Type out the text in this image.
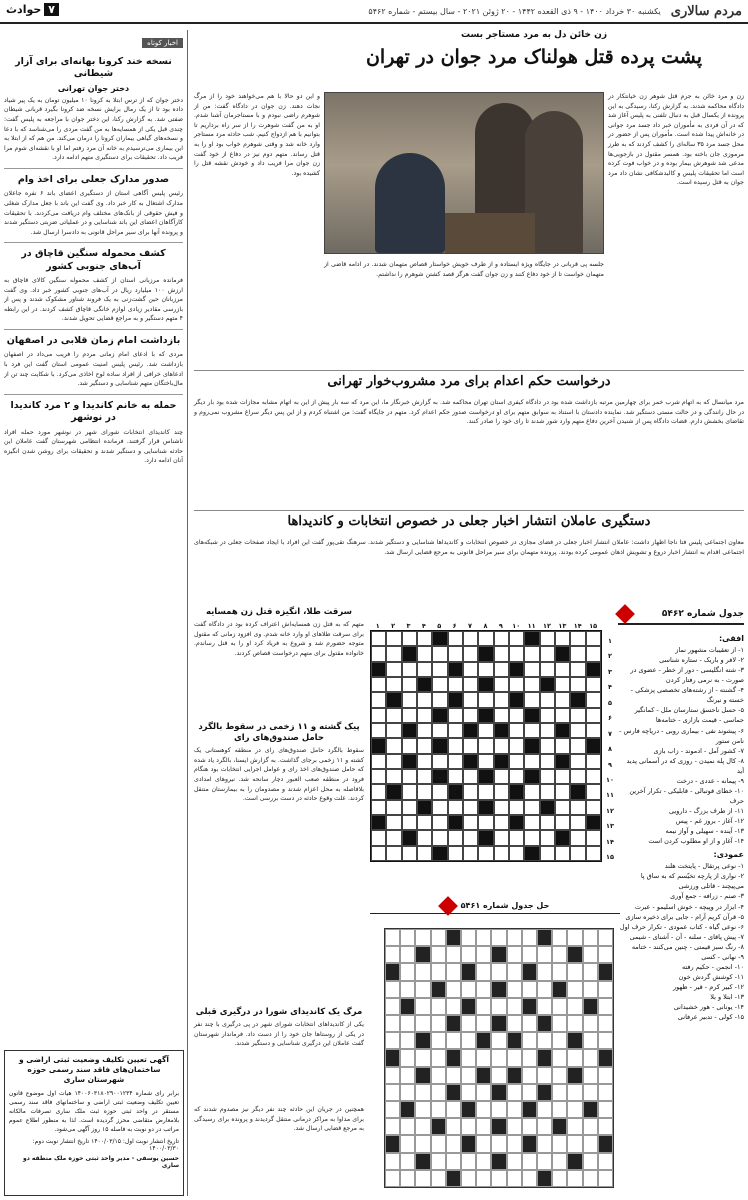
مردم سالاری
یکشنبه ۳۰ خرداد ۱۴۰۰ - ۹ ذی القعده ۱۴۴۲ - ۲۰ ژوئن ۲۰۲۱ - سال بیستم - شماره ۵۴۶۲
۷
حوادث
اخبار کوتاه
نسخه خند کرونا بهانه‌ای برای آزار شیطانی
دختر جوان تهرانی

دختر جوان که از ترس ابتلا به کرونا ۱۰ میلیون تومان به یک پیر شیاد داده بود تا از یک رمال برایش نسخه ضد کرونا بگیرد قربانی شیطان صفتی شد. به گزارش رکنا، این دختر جوان با مراجعه به پلیس گفت: چندی قبل یکی از همسایه‌ها به من گفت مردی را می‌شناسد که با دعا و نسخه‌های گیاهی بیماران کرونا را درمان می‌کند. من هم که از ابتلا به این بیماری می‌ترسیدم به خانه آن مرد رفتم اما او با نقشه‌ای شوم مرا فریب داد. تحقیقات برای دستگیری متهم ادامه دارد.

صدور مدارک جعلی برای اخذ وام

رئیس پلیس آگاهی استان از دستگیری اعضای باند ۶ نفره جاعلان مدارک اشتغال به کار خبر داد. وی گفت این باند با جعل مدارک شغلی و فیش حقوقی از بانک‌های مختلف وام دریافت می‌کردند. با تحقیقات کارآگاهان اعضای این باند شناسایی و در عملیاتی ضربتی دستگیر شدند و پرونده آنها برای سیر مراحل قانونی به دادسرا ارسال شد.

کشف محموله سنگین قاچاق در آب‌های جنوبی کشور

فرمانده مرزبانی استان از کشف محموله سنگین کالای قاچاق به ارزش ۱۰۰ میلیارد ریال در آب‌های جنوبی کشور خبر داد. وی گفت مرزبانان حین گشت‌زنی به یک فروند شناور مشکوک شدند و پس از بازرسی مقادیر زیادی لوازم خانگی قاچاق کشف کردند. در این رابطه ۴ متهم دستگیر و به مراجع قضایی تحویل شدند.

بازداشت امام زمان قلابی در اصفهان

مردی که با ادعای امام زمانی مردم را فریب می‌داد در اصفهان بازداشت شد. رئیس پلیس امنیت عمومی استان گفت این فرد با ادعاهای خرافی از افراد ساده لوح اخاذی می‌کرد. با شکایت چند تن از مال‌باختگان متهم شناسایی و دستگیر شد.

حمله به خانم کاندیدا و ۲ مرد کاندیدا در نوشهر

چند کاندیدای انتخابات شورای شهر در نوشهر مورد حمله افراد ناشناس قرار گرفتند. فرمانده انتظامی شهرستان گفت عاملان این حادثه شناسایی و دستگیر شدند و تحقیقات برای روشن شدن انگیزه آنان ادامه دارد.

آگهی تعیین تکلیف وضعیت ثبتی اراضی و ساختمان‌های فاقد سند رسمی حوزه شهرستان ساری

برابر رای شماره ۱۴۰۰۶۰۳۱۸۰۲۹۰۰۱۲۳۴ هیات اول موضوع قانون تعیین تکلیف وضعیت ثبتی اراضی و ساختمانهای فاقد سند رسمی مستقر در واحد ثبتی حوزه ثبت ملک ساری تصرفات مالکانه بلامعارض متقاضی محرز گردیده است. لذا به منظور اطلاع عموم مراتب در دو نوبت به فاصله ۱۵ روز آگهی می‌شود.

تاریخ انتشار نوبت اول: ۱۴۰۰/۰۳/۱۵ تاریخ انتشار نوبت دوم: ۱۴۰۰/۰۳/۳۰
حسین یوسفی - مدیر واحد ثبتی حوزه ملک منطقه دو ساری
زن خائن دل به مرد مستاجر بست
پشت پرده قتل هولناک مرد جوان در تهران

زن و مرد خائن به جرم قتل شوهر زن خیانتکار در دادگاه محاکمه شدند. به گزارش رکنا، رسیدگی به این پرونده از یکسال قبل به دنبال تلفنی به پلیس آغاز شد که در آن فردی به مأموران خبر داد جسد مرد جوانی در خانه‌اش پیدا شده است. مأموران پس از حضور در محل جسد مرد ۳۵ ساله‌ای را کشف کردند که به طرز مرموزی جان باخته بود. همسر مقتول در بازجویی‌ها مدعی شد شوهرش بیمار بوده و در خواب فوت کرده است اما تحقیقات پلیس و کالبدشکافی نشان داد مرد جوان به قتل رسیده است.

و این دو حالا با هم می‌خواهند خود را از مرگ نجات دهند. زن جوان در دادگاه گفت: من از شوهرم راضی نبودم و با مستاجرمان آشنا شدم. او به من گفت شوهرت را از سر راه برداریم تا بتوانیم با هم ازدواج کنیم. شب حادثه مرد مستاجر وارد خانه شد و وقتی شوهرم خواب بود او را به قتل رساند. متهم دوم نیز در دفاع از خود گفت زن جوان مرا فریب داد و خودش نقشه قتل را کشیده بود.

جلسه پی قربانی در جایگاه ویژه ایستاده و از طرف خویش خواستار قصاص متهمان شدند. در ادامه قاضی از متهمان خواست تا از خود دفاع کنند و زن جوان گفت هرگز قصد کشتن شوهرم را نداشتم.

درخواست حکم اعدام برای مرد مشروب‌خوار تهرانی

مرد میانسال که به اتهام شرب خمر برای چهارمین مرتبه بازداشت شده بود در دادگاه کیفری استان تهران محاکمه شد. به گزارش خبرنگار ما، این مرد که سه بار پیش از این به اتهام مشابه مجازات شده بود بار دیگر در حال رانندگی و در حالت مستی دستگیر شد. نماینده دادستان با استناد به سوابق متهم برای او درخواست صدور حکم اعدام کرد. متهم در جایگاه گفت: من اشتباه کردم و از این پس دیگر سراغ مشروب نمی‌روم و تقاضای بخشش دارم. قضات دادگاه پس از شنیدن آخرین دفاع متهم وارد شور شدند تا رای خود را صادر کنند.

دستگیری عاملان انتشار اخبار جعلی در خصوص انتخابات و کاندیداها

معاون اجتماعی پلیس فتا ناجا اظهار داشت: عاملان انتشار اخبار جعلی در فضای مجازی در خصوص انتخابات و کاندیداها شناسایی و دستگیر شدند. سرهنگ تقی‌پور گفت این افراد با ایجاد صفحات جعلی در شبکه‌های اجتماعی اقدام به انتشار اخبار دروغ و تشویش اذهان عمومی کرده بودند. پرونده متهمان برای سیر مراحل قانونی به مرجع قضایی ارسال شد.

جدول شماره ۵۴۶۲
افقی:
۱- از تعقیبات مشهور نماز
۲- لافر و باریک - ستاره شناسی
۳- شته انگلیسی - دور از خطر - عضوی در صورت - به نرمی رفتار کردن
۴- گشنته - از رشته‌های تخصصی پزشکی - خسته و نیرنگ
۵- حسل ناحسق ستارسان ملل - کمانگیر حماسی - قیمت بازاری - ختامه‌ها
۶- پیشوند نفی - بیماری روبی - دریاچه فارس - نامن ستور
۷- کشور آمل - ادموند - زاب بازی
۸- کال پله نمیدن - روزی که در آسمانی پدید آید
۹- پیمانه - عددی - درخت
۱۰- خطای قوتبالی - قابلیکی - تکرار آخرین حرف
۱۱- از طرف بزرگ - دارویی
۱۲- آغاز - بروز غم - پیس
۱۳- آینده - سهیلی و آواز نیمه
۱۴- آغاز و از او مطلوب کردن است
عمودی:
۱- نوعی پرتقال - پایتخت هلند
۲- نواری از پارچه تخیّسم که به ساق پا می‌پیچند - قاتلی ورزشی
۳- صنم - زرافه - جمع آوری
۴- ابزار در وپیچه - خوش اسلیمو - عبرت
۵- قرآن کریم آرام - جایی برای ذخیره سازی
۶- نوعی گیاه - کتاب عمودی - تکرار حرف اول
۷- پیش پاقای - سلنه - آن - آشنای - شیمی
۸- رنگ سبز قیمتی - چنین می‌کنند - ختامه
۹- نهانی - کسی
۱۰- انجمن - حکیم رفته
۱۱- کوشش گردش خون
۱۲- کبیر کرم - قیر - ظهور
۱۳- ابتلا و بلا
۱۴- یونانی - هور خشیدانی
۱۵- کولی - تدبیر عرفانی
۱	۲	۳	۴	۵	۶	۷	۸	۹	۱۰	۱۱	۱۲	۱۳	۱۴	۱۵
۱
۲
۳
۴
۵
۶
۷
۸
۹
۱۰
۱۱
۱۲
۱۳
۱۴
۱۵
حل جدول شماره ۵۴۶۱
سرقت طلا، انگیزه قتل زن همسایه

متهم که به قتل زن همسایه‌اش اعتراف کرده بود در دادگاه گفت برای سرقت طلاهای او وارد خانه شدم. وی افزود زمانی که مقتول متوجه حضورم شد و شروع به فریاد کرد او را به قتل رساندم. خانواده مقتول برای متهم درخواست قصاص کردند.

پیک گشته و ۱۱ زخمی در سقوط بالگرد حامل صندوق‌های رای

سقوط بالگرد حامل صندوق‌های رای در منطقه کوهستانی یک کشته و ۱۱ زخمی برجای گذاشت. به گزارش ایسنا، بالگرد یاد شده که حامل صندوق‌های اخذ رای و عوامل اجرایی انتخابات بود هنگام فرود در منطقه صعب العبور دچار سانحه شد. نیروهای امدادی بلافاصله به محل اعزام شدند و مصدومان را به بیمارستان منتقل کردند. علت وقوع حادثه در دست بررسی است.

مرگ یک کاندیدای شورا در درگیری قبلی

یکی از کاندیداهای انتخابات شورای شهر در پی درگیری با چند نفر در یکی از روستاها جان خود را از دست داد. فرماندار شهرستان گفت عاملان این درگیری شناسایی و دستگیر شدند.

همچنین در جریان این حادثه چند نفر دیگر نیز مصدوم شدند که برای مداوا به مراکز درمانی منتقل گردیدند و پرونده برای رسیدگی به مرجع قضایی ارسال شد.
